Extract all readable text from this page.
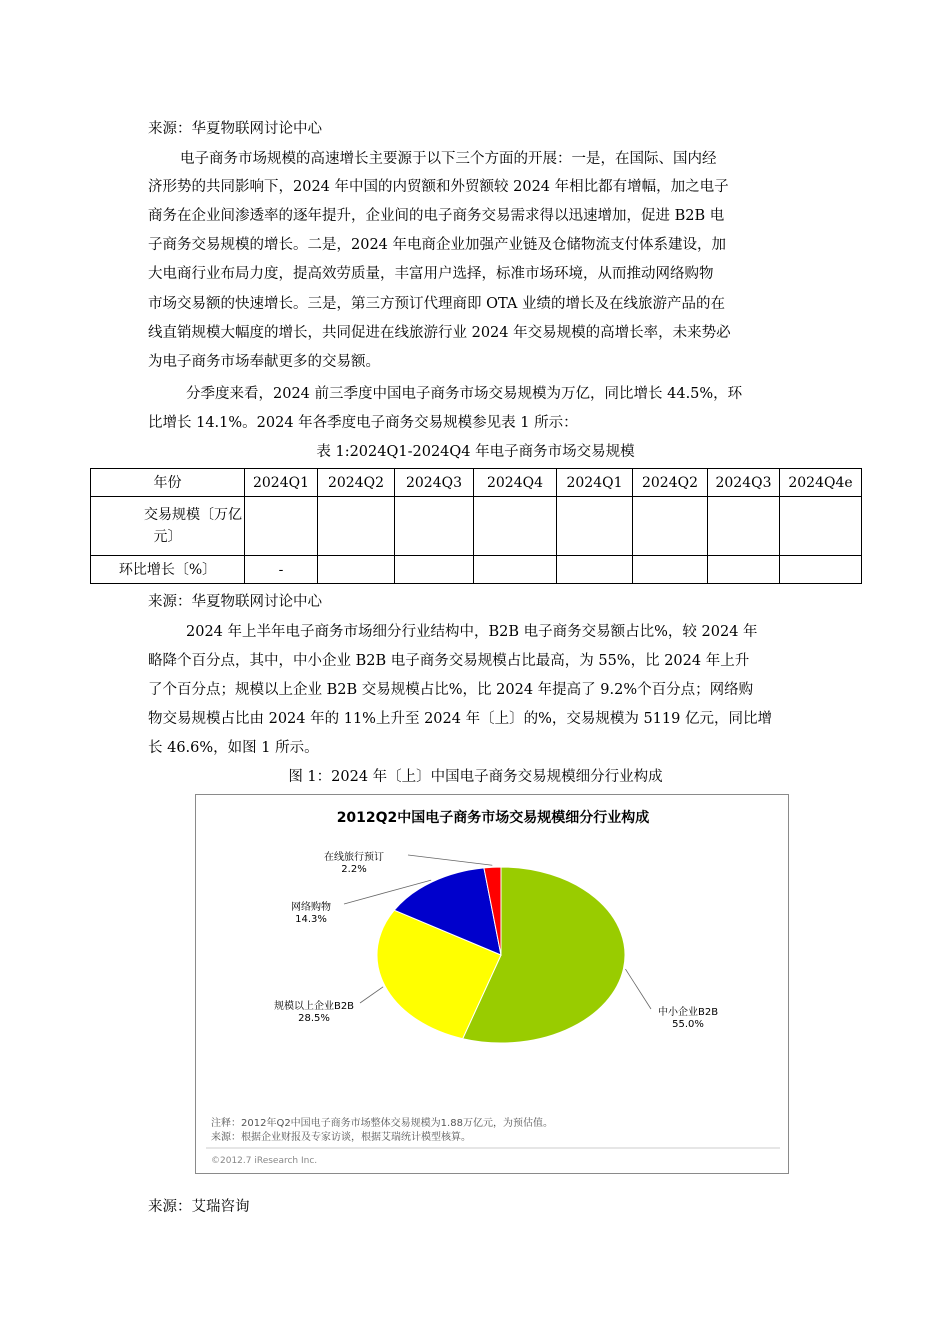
来源：华夏物联网讨论中心
电子商务市场规模的高速增长主要源于以下三个方面的开展：一是，在国际、国内经
济形势的共同影响下，2024 年中国的内贸额和外贸额较 2024 年相比都有增幅，加之电子
商务在企业间渗透率的逐年提升，企业间的电子商务交易需求得以迅速增加，促进 B2B 电
子商务交易规模的增长。二是，2024 年电商企业加强产业链及仓储物流支付体系建设，加
大电商行业布局力度，提高效劳质量，丰富用户选择，标准市场环境，从而推动网络购物
市场交易额的快速增长。三是，第三方预订代理商即 OTA 业绩的增长及在线旅游产品的在
线直销规模大幅度的增长，共同促进在线旅游行业 2024 年交易规模的高增长率，未来势必
为电子商务市场奉献更多的交易额。
分季度来看，2024 前三季度中国电子商务市场交易规模为万亿，同比增长 44.5%，环
比增长 14.1%。2024 年各季度电子商务交易规模参见表 1 所示：
表 1:2024Q1-2024Q4 年电子商务市场交易规模
年份	2024Q1	2024Q2	2024Q3	2024Q4	2024Q1	2024Q2	2024Q3	2024Q4e

交易规模〔万亿
元〕								

环比增长〔%〕	-							
来源：华夏物联网讨论中心
2024 年上半年电子商务市场细分行业结构中，B2B 电子商务交易额占比%，较 2024 年
略降个百分点，其中，中小企业 B2B 电子商务交易规模占比最高，为 55%，比 2024 年上升
了个百分点；规模以上企业 B2B 交易规模占比%，比 2024 年提高了 9.2%个百分点；网络购
物交易规模占比由 2024 年的 11%上升至 2024 年〔上〕的%，交易规模为 5119 亿元，同比增
长 46.6%，如图 1 所示。
图 1：2024 年〔上〕中国电子商务交易规模细分行业构成
2012Q2中国电子商务市场交易规模细分行业构成
中小企业B2B
55.0%
规模以上企业B2B
28.5%
网络购物
14.3%
在线旅行预订
2.2%
注释：2012年Q2中国电子商务市场整体交易规模为1.88万亿元，为预估值。
来源：根据企业财报及专家访谈，根据艾瑞统计模型核算。
©2012.7 iResearch Inc.
来源：艾瑞咨询
